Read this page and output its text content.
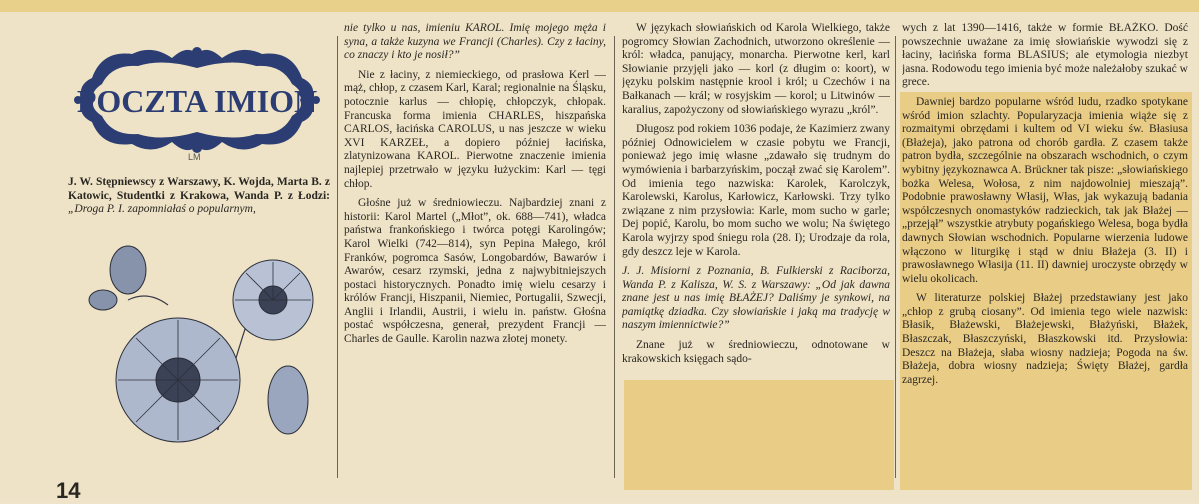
POCZTA IMION
LM

J. W. Stępniewscy z Warszawy, K. Wojda, Marta B. z Katowic, Studentki z Krakowa, Wanda P. z Łodzi: „Droga P. I. zapomniałaś o popularnym,

nie tylko u nas, imieniu KAROL. Imię mojego męża i syna, a także kuzyna we Francji (Charles). Czy z łaciny, co znaczy i kto je nosił?”

Nie z łaciny, z niemieckiego, od prasłowa Kerl — mąż, chłop, z czasem Karl, Karal; regionalnie na Śląsku, potocznie karlus — chłopię, chłopczyk, chłopak. Francuska forma imienia CHARLES, hiszpańska CARLOS, łacińska CAROLUS, u nas jeszcze w wieku XVI KARZEŁ, a dopiero później łacińska, zlatynizowana KAROL. Pierwotne znaczenie imienia najlepiej przetrwało w języku łużyckim: Karl — tęgi chłop.

Głośne już w średniowieczu. Najbardziej znani z historii: Karol Martel („Młot”, ok. 688—741), władca państwa frankońskiego i twórca potęgi Karolingów; Karol Wielki (742—814), syn Pepina Małego, król Franków, pogromca Sasów, Longobardów, Bawarów i Awarów, cesarz rzymski, jedna z najwybitniejszych postaci historycznych. Ponadto imię wielu cesarzy i królów Francji, Hiszpanii, Niemiec, Portugalii, Szwecji, Anglii i Irlandii, Austrii, i wielu in. państw. Głośna postać współczesna, generał, prezydent Francji — Charles de Gaulle. Karolin nazwa złotej monety.

W językach słowiańskich od Karola Wielkiego, także pogromcy Słowian Zachodnich, utworzono określenie — król: władca, panujący, monarcha. Pierwotne kerl, karl Słowianie przyjęli jako — korl (z długim o: koort), w języku polskim następnie krool i król; u Czechów i na Bałkanach — král; w rosyjskim — korol; u Litwinów — karalius, zapożyczony od słowiańskiego wyrazu „król”.

Długosz pod rokiem 1036 podaje, że Kazimierz zwany później Odnowicielem w czasie pobytu we Francji, ponieważ jego imię własne „zdawało się trudnym do wymówienia i barbarzyńskim, począł zwać się Karolem”. Od imienia tego nazwiska: Karolek, Karolczyk, Karolewski, Karolus, Karłowicz, Karłowski. Trzy tylko związane z nim przysłowia: Karle, mom sucho w garle; Dej popić, Karolu, bo mom sucho we wolu; Na świętego Karola wyjrzy spod śniegu rola (28. I); Urodzaje da rola, gdy deszcz leje w Karola.

J. J. Misiorni z Poznania, B. Fulkierski z Raciborza, Wanda P. z Kalisza, W. S. z Warszawy: „Od jak dawna znane jest u nas imię BŁAŻEJ? Daliśmy je synkowi, na pamiątkę dziadka. Czy słowiańskie i jaką ma tradycję w naszym imiennictwie?”

Znane już w średniowieczu, odnotowane w krakowskich księgach sądo-

wych z lat 1390—1416, także w formie BŁAŻKO. Dość powszechnie uważane za imię słowiańskie wywodzi się z łaciny, łacińska forma BLASIUS; ale etymologia niezbyt jasna. Rodowodu tego imienia być może należałoby szukać w grece.

Dawniej bardzo popularne wśród ludu, rzadko spotykane wśród imion szlachty. Popularyzacja imienia wiąże się z rozmaitymi obrzędami i kultem od VI wieku św. Błasiusa (Błażeja), jako patrona od chorób gardła. Z czasem także patron bydła, szczególnie na obszarach wschodnich, o czym wybitny językoznawca A. Brückner tak pisze: „słowiańskiego bożka Welesa, Wołosa, z nim najdowolniej mieszają”. Podobnie prawosławny Własij, Włas, jak wykazują badania współczesnych onomastyków radzieckich, tak jak Błażej — „przejął” wszystkie atrybuty pogańskiego Welesa, boga bydła dawnych Słowian wschodnich. Popularne wierzenia ludowe włączono w liturgikę i stąd w dniu Błażeja (3. II) i prawosławnego Własija (11. II) dawniej uroczyste obrzędy w wielu okolicach.

W literaturze polskiej Błażej przedstawiany jest jako „chłop z grubą ciosany”. Od imienia tego wiele nazwisk: Błasik, Błażewski, Błażejewski, Błażyński, Błażek, Błaszczak, Błaszczyński, Błaszkowski itd. Przysłowia: Deszcz na Błażeja, słaba wiosny nadzieja; Pogoda na św. Błażeja, dobra wiosny nadzieja; Święty Błażej, gardła zagrzej.

14
